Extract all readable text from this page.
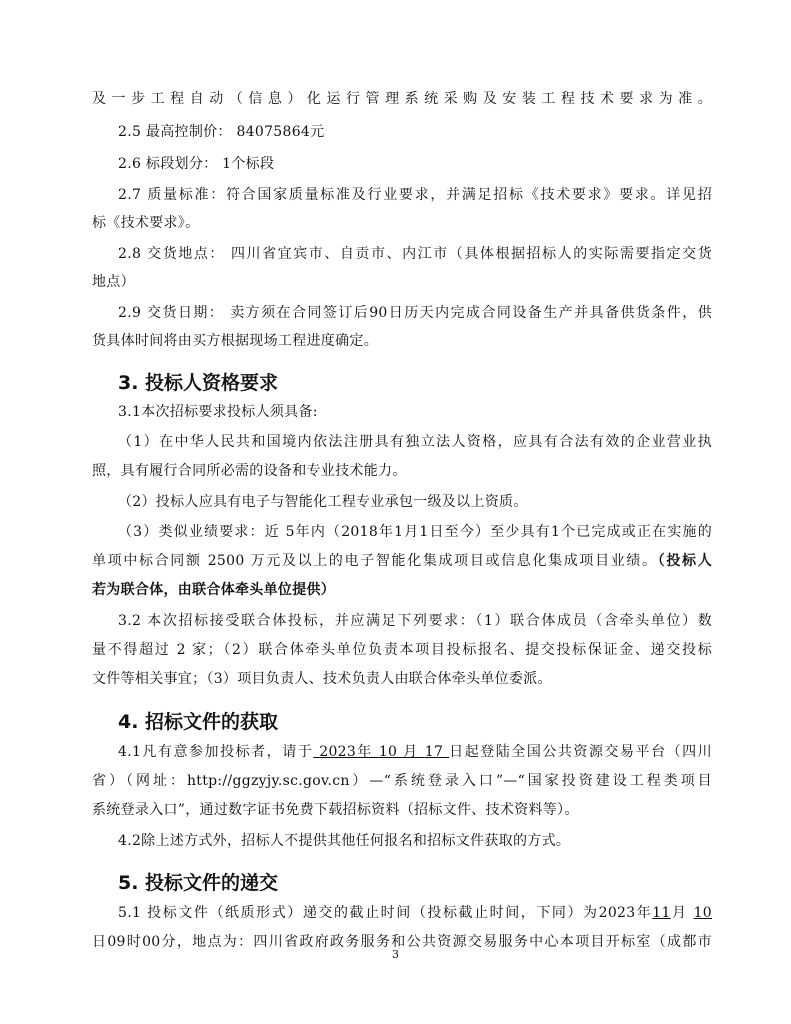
及一步工程自动（信息）化运行管理系统采购及安装工程技术要求为准。
2.5 最高控制价： 84075864元
2.6 标段划分： 1个标段
2.7 质量标准：符合国家质量标准及行业要求，并满足招标《技术要求》要求。详见招
标《技术要求》。
2.8 交货地点： 四川省宜宾市、自贡市、内江市（具体根据招标人的实际需要指定交货
地点）
2.9 交货日期： 卖方须在合同签订后90日历天内完成合同设备生产并具备供货条件，供
货具体时间将由买方根据现场工程进度确定。
3. 投标人资格要求
3.1本次招标要求投标人须具备:
（1）在中华人民共和国境内依法注册具有独立法人资格，应具有合法有效的企业营业执
照，具有履行合同所必需的设备和专业技术能力。
（2）投标人应具有电子与智能化工程专业承包一级及以上资质。
（3）类似业绩要求：近 5年内（2018年1月1日至今）至少具有1个已完成或正在实施的
单项中标合同额 2500 万元及以上的电子智能化集成项目或信息化集成项目业绩。（投标人
若为联合体，由联合体牵头单位提供）
3.2 本次招标接受联合体投标，并应满足下列要求：（1）联合体成员（含牵头单位）数
量不得超过 2 家；（2）联合体牵头单位负责本项目投标报名、提交投标保证金、递交投标
文件等相关事宜；（3）项目负责人、技术负责人由联合体牵头单位委派。
4. 招标文件的获取
4.1凡有意参加投标者，请于 2023年 10 月 17 日起登陆全国公共资源交易平台（四川
省）（网址：http://ggzyjy.sc.gov.cn）—“系统登录入口”—“国家投资建设工程类项目
系统登录入口”，通过数字证书免费下载招标资料（招标文件、技术资料等）。
4.2除上述方式外，招标人不提供其他任何报名和招标文件获取的方式。
5. 投标文件的递交
5.1 投标文件（纸质形式）递交的截止时间（投标截止时间，下同）为2023年11月 10
日09时00分，地点为：四川省政府政务服务和公共资源交易服务中心本项目开标室（成都市
3
